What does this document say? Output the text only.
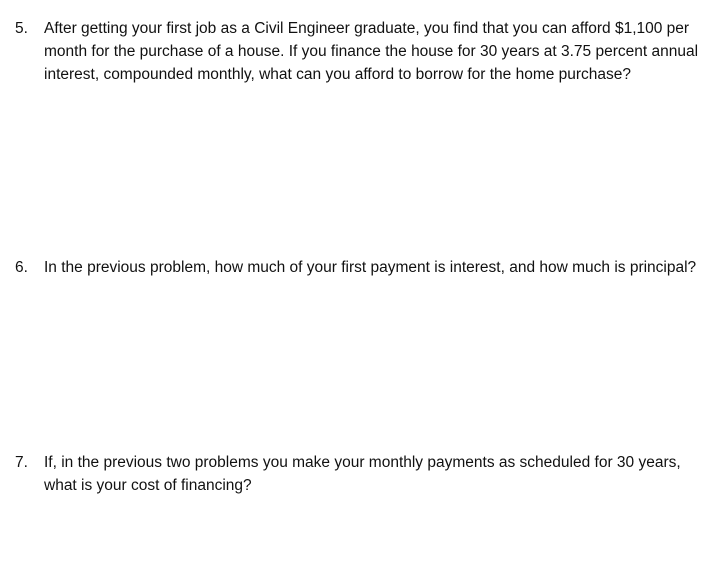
5. After getting your first job as a Civil Engineer graduate, you find that you can afford $1,100 per
month for the purchase of a house. If you finance the house for 30 years at 3.75 percent annual
interest, compounded monthly, what can you afford to borrow for the home purchase?
6. In the previous problem, how much of your first payment is interest, and how much is principal?
7. If, in the previous two problems you make your monthly payments as scheduled for 30 years,
what is your cost of financing?
